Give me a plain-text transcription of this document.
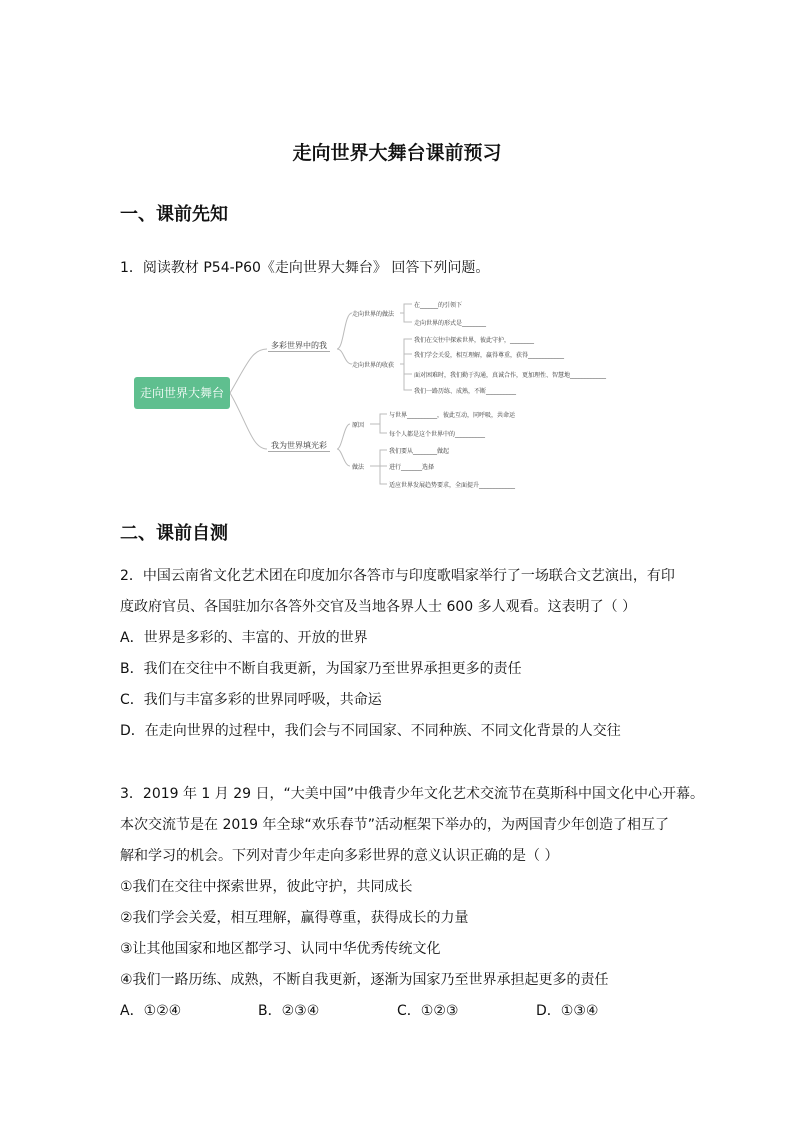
走向世界大舞台课前预习
一、课前先知
1．阅读教材 P54-P60《走向世界大舞台》 回答下列问题。
走向世界大舞台
多彩世界中的我
我为世界填光彩
走向世界的做法
在______的引领下
走向世界的形式是________
走向世界的收获
我们在交往中探索世界，彼此守护，________
我们学会关爱，相互理解，赢得尊重，获得____________
面对困难时，我们勤于沟通，真诚合作，更加理性、智慧地____________
我们一路历练、成熟，不断__________
原因
与世界__________，彼此互动，同呼吸，共命运
每个人都是这个世界中的__________
做法
我们要从________做起
进行_______选择
适应世界发展趋势要求，全面提升____________
二、课前自测
2．中国云南省文化艺术团在印度加尔各答市与印度歌唱家举行了一场联合文艺演出，有印
度政府官员、各国驻加尔各答外交官及当地各界人士 600 多人观看。这表明了（ ）
A．世界是多彩的、丰富的、开放的世界
B．我们在交往中不断自我更新，为国家乃至世界承担更多的责任
C．我们与丰富多彩的世界同呼吸，共命运
D．在走向世界的过程中，我们会与不同国家、不同种族、不同文化背景的人交往
3．2019 年 1 月 29 日，“大美中国”中俄青少年文化艺术交流节在莫斯科中国文化中心开幕。
本次交流节是在 2019 年全球“欢乐春节”活动框架下举办的，为两国青少年创造了相互了
解和学习的机会。下列对青少年走向多彩世界的意义认识正确的是（ ）
①我们在交往中探索世界，彼此守护，共同成长
②我们学会关爱，相互理解，赢得尊重，获得成长的力量
③让其他国家和地区都学习、认同中华优秀传统文化
④我们一路历练、成熟，不断自我更新，逐渐为国家乃至世界承担起更多的责任
A．①②④	B．②③④	C．①②③	D．①③④
